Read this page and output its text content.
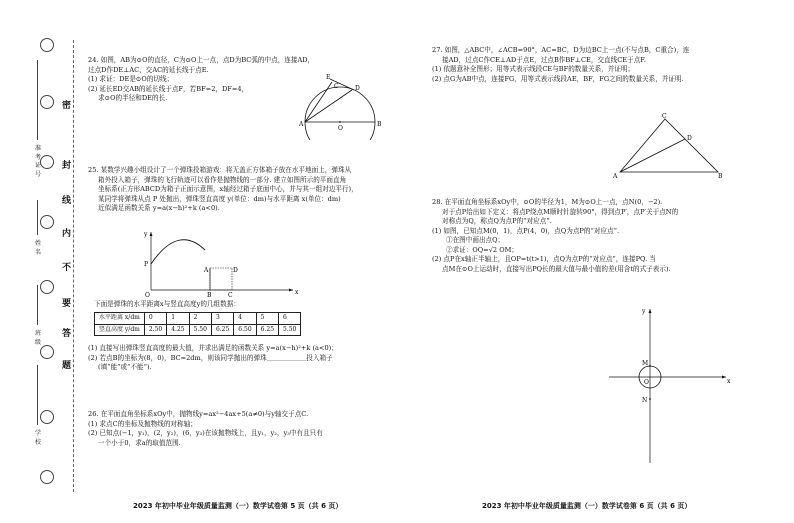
密
封
线
内
不
要
答
题
准考证号
姓名
班级
学校

24. 如图，AB为⊙O的直径，C为⊙O上一点，点D为BC弧的中点，连接AD，过点D作DE⊥AC，交AC的延长线于点E.

(1) 求证：DE是⊙O的切线；

(2) 延长ED交AB的延长线于点F，若BF=2，DF=4，

求⊙O的半径和DE的长.

E
C	D
A
O
B

25. 某数学兴趣小组设计了一个弹珠投箱游戏：将无盖正方体箱子放在水平地面上，弹珠从

箱外投入箱子，弹珠的飞行轨迹可以看作是抛物线的一部分. 建立如图所示的平面直角

坐标系(正方形ABCD为箱子正面示意图，x轴经过箱子底面中心，并与其一组对边平行)，

某同学将弹珠从点 P 处抛出，弹珠竖直高度 y(单位：dm)与水平距离 x(单位：dm)

近似满足函数关系 y=a(x−h)²+k (a<0).

y
x
O
P
A
B	C
D
下面是弹珠的水平距离x与竖直高度y的几组数据：
水平距离 x/dm	0	1	2	3	4	5	6
竖直高度 y/dm	2.50	4.25	5.50	6.25	6.50	6.25	5.50

(1) 直接写出弹珠竖直高度的最大值，并求出满足的函数关系 y=a(x−h)²+k (a<0)；

(2) 若点B的坐标为(8，0)，BC=2dm，则该同学抛出的弹珠＿＿＿＿＿＿投入箱子

(填“能”或“不能”).

26. 在平面直角坐标系xOy中，抛物线y=ax²−4ax+5(a≠0)与y轴交于点C.

(1) 求点C的坐标及抛物线的对称轴；

(2) 已知点(−1，y₁)，(2，y₂)，(6，y₃)在该抛物线上，且y₁，y₂，y₃中有且只有

一个小于0，求a的取值范围.

2023 年初中毕业年级质量监测（一）数学试卷第 5 页（共 6 页）

27. 如图，△ABC中，∠ACB=90°，AC=BC，D为边BC上一点(不与点B，C重合)，连

接AD，过点C作CE⊥AD于点E，过点B作BF⊥CE，交直线CE于点F.

(1) 依题意补全图形；用等式表示线段CE与BF的数量关系，并证明；

(2) 点G为AB中点，连接FG，用等式表示线段AE，BF，FG之间的数量关系，并证明.

C
D
A	B

28. 在平面直角坐标系xOy中，⊙O的半径为1，M为⊙O上一点，点N(0，−2).

对于点P给出如下定义：将点P绕点M顺时针旋转90°，得到点P′，点P′关于点N的

对称点为Q，称点Q为点P的“对应点”.

(1) 如图，已知点M(0，1)，点P(4，0)，点Q为点P的“对应点”.

①在图中画出点Q；

②求证：OQ=√2 OM；

(2) 点P在x轴正半轴上，且OP=t(t>1)，点Q为点P的“对应点”，连接PQ. 当

点M在⊙O上运动时，直接写出PQ长的最大值与最小值的差(用含t的式子表示).

y
x
M
O
N
2023 年初中毕业年级质量监测（一）数学试卷第 6 页（共 6 页）
